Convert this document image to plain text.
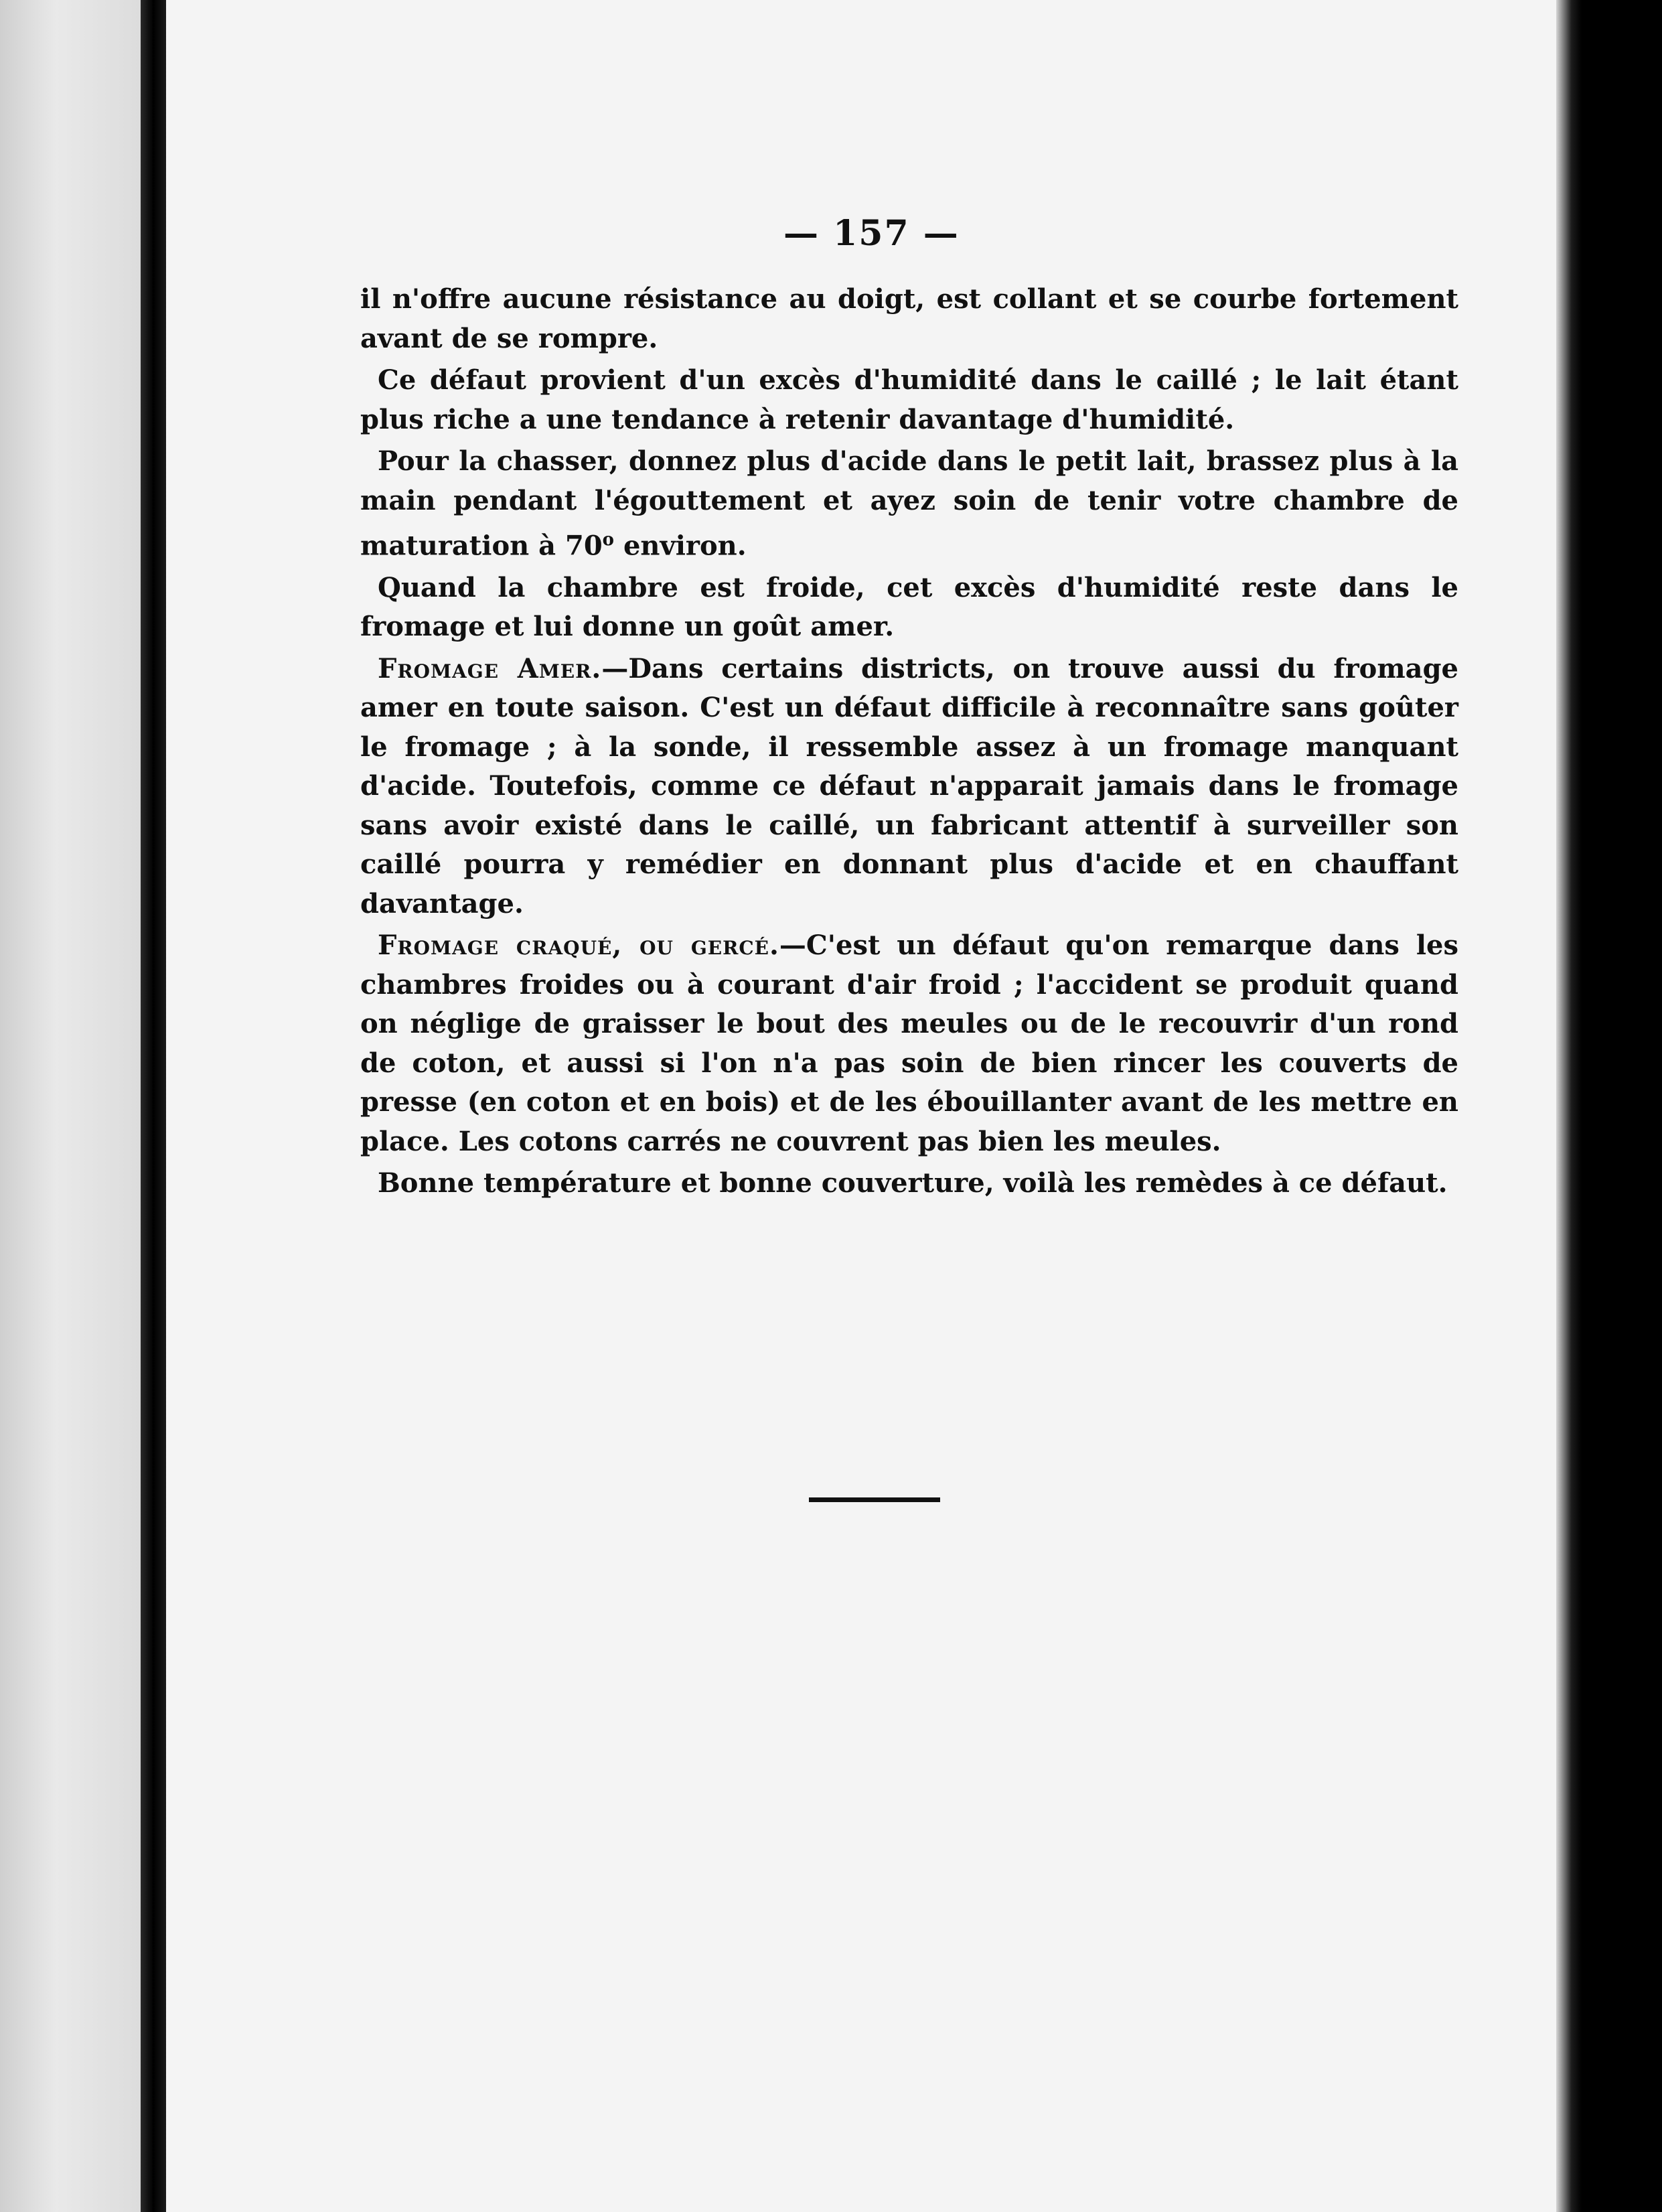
— 157 —

il n'offre aucune résistance au doigt, est collant et se courbe fortement avant de se rompre.

Ce défaut provient d'un excès d'humidité dans le caillé ; le lait étant plus riche a une tendance à retenir davantage d'humidité.

Pour la chasser, donnez plus d'acide dans le petit lait, brassez plus à la main pendant l'égouttement et ayez soin de tenir votre chambre de maturation à 70$^o$ environ.

Quand la chambre est froide, cet excès d'humidité reste dans le fromage et lui donne un goût amer.

Fromage Amer.—Dans certains districts, on trouve aussi du fromage amer en toute saison. C'est un défaut difficile à reconnaître sans goûter le fromage ; à la sonde, il ressemble assez à un fromage manquant d'acide. Toutefois, comme ce défaut n'apparait jamais dans le fromage sans avoir existé dans le caillé, un fabricant attentif à surveiller son caillé pourra y remédier en donnant plus d'acide et en chauffant davantage.

Fromage craqué, ou gercé.—C'est un défaut qu'on remarque dans les chambres froides ou à courant d'air froid ; l'accident se produit quand on néglige de graisser le bout des meules ou de le recouvrir d'un rond de coton, et aussi si l'on n'a pas soin de bien rincer les couverts de presse (en coton et en bois) et de les ébouillanter avant de les mettre en place. Les cotons carrés ne couvrent pas bien les meules.

Bonne température et bonne couverture, voilà les remèdes à ce défaut.
